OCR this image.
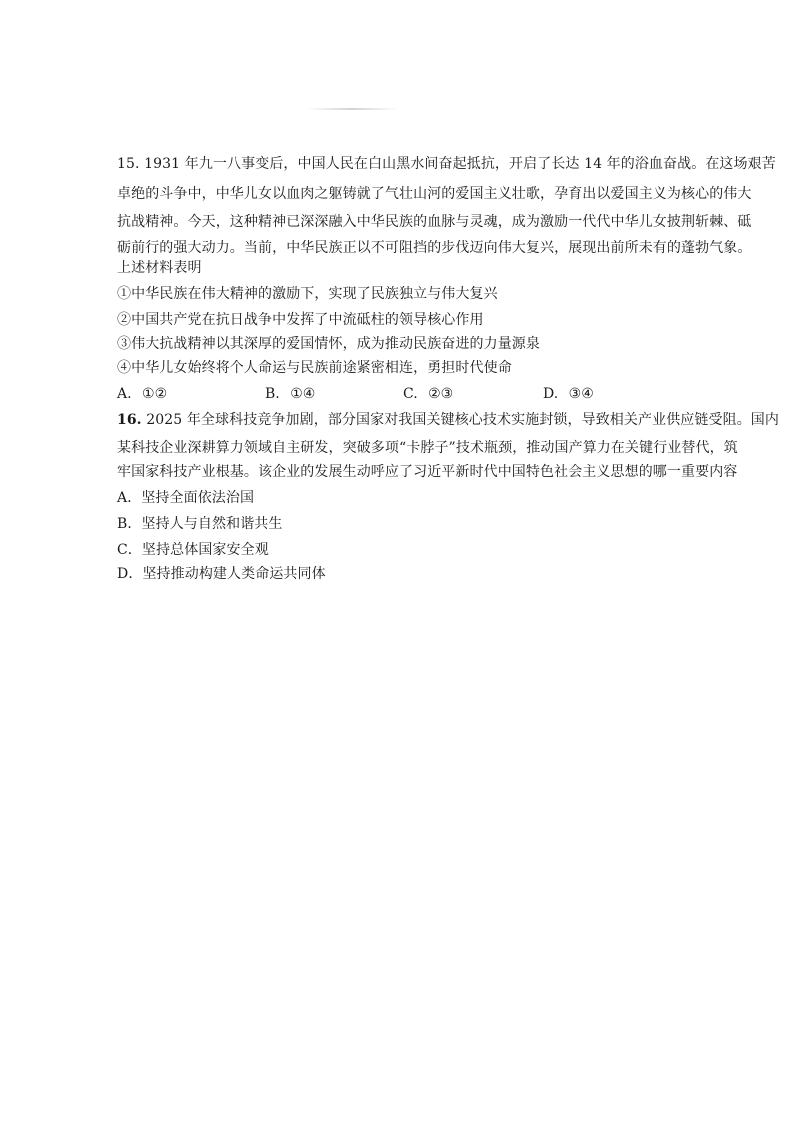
15. 1931 年九一八事变后，中国人民在白山黑水间奋起抵抗，开启了长达 14 年的浴血奋战。在这场艰苦
卓绝的斗争中，中华儿女以血肉之躯铸就了气壮山河的爱国主义壮歌，孕育出以爱国主义为核心的伟大
抗战精神。今天，这种精神已深深融入中华民族的血脉与灵魂，成为激励一代代中华儿女披荆斩棘、砥
砺前行的强大动力。当前，中华民族正以不可阻挡的步伐迈向伟大复兴，展现出前所未有的蓬勃气象。
上述材料表明
①中华民族在伟大精神的激励下，实现了民族独立与伟大复兴
②中国共产党在抗日战争中发挥了中流砥柱的领导核心作用
③伟大抗战精神以其深厚的爱国情怀，成为推动民族奋进的力量源泉
④中华儿女始终将个人命运与民族前途紧密相连，勇担时代使命
A. ①②	B. ①④	C. ②③	D. ③④
16. 2025 年全球科技竞争加剧，部分国家对我国关键核心技术实施封锁，导致相关产业供应链受阻。国内
某科技企业深耕算力领域自主研发，突破多项“卡脖子”技术瓶颈，推动国产算力在关键行业替代，筑
牢国家科技产业根基。该企业的发展生动呼应了习近平新时代中国特色社会主义思想的哪一重要内容
A．坚持全面依法治国
B．坚持人与自然和谐共生
C．坚持总体国家安全观
D．坚持推动构建人类命运共同体
